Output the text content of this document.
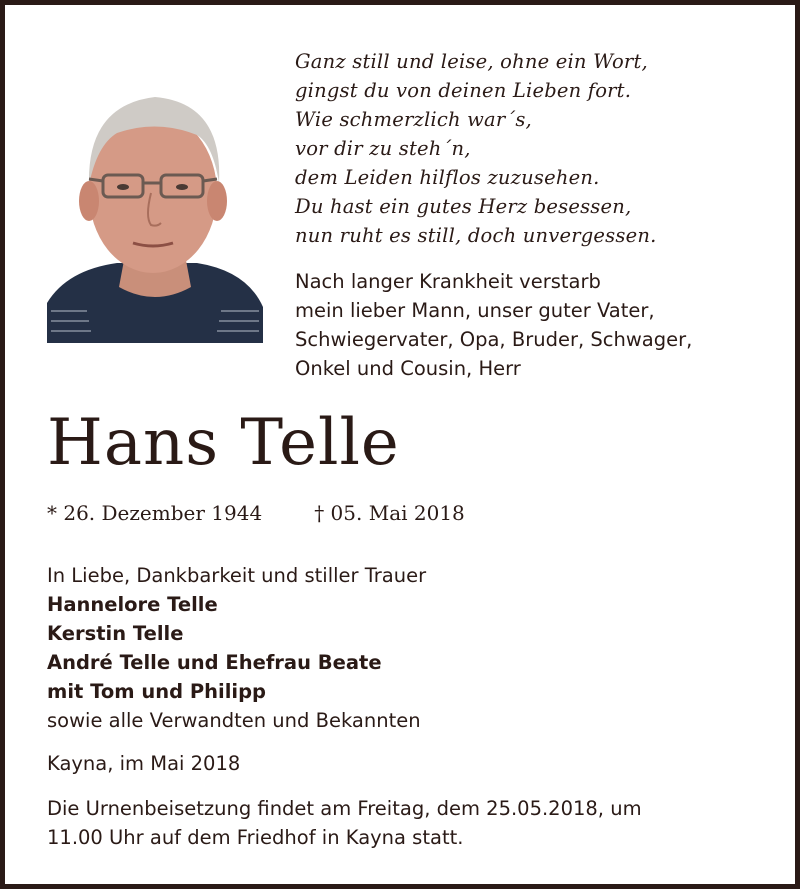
Ganz still und leise, ohne ein Wort,
gingst du von deinen Lieben fort.
Wie schmerzlich war´s,
vor dir zu steh´n,
dem Leiden hilflos zuzusehen.
Du hast ein gutes Herz besessen,
nun ruht es still, doch unvergessen.
Nach langer Krankheit verstarb
mein lieber Mann, unser guter Vater,
Schwiegervater, Opa, Bruder, Schwager,
Onkel und Cousin, Herr
Hans Telle
* 26. Dezember 1944	† 05. Mai 2018
In Liebe, Dankbarkeit und stiller Trauer
Hannelore Telle
Kerstin Telle
André Telle und Ehefrau Beate
mit Tom und Philipp
sowie alle Verwandten und Bekannten
Kayna, im Mai 2018
Die Urnenbeisetzung findet am Freitag, dem 25.05.2018, um
11.00 Uhr auf dem Friedhof in Kayna statt.
